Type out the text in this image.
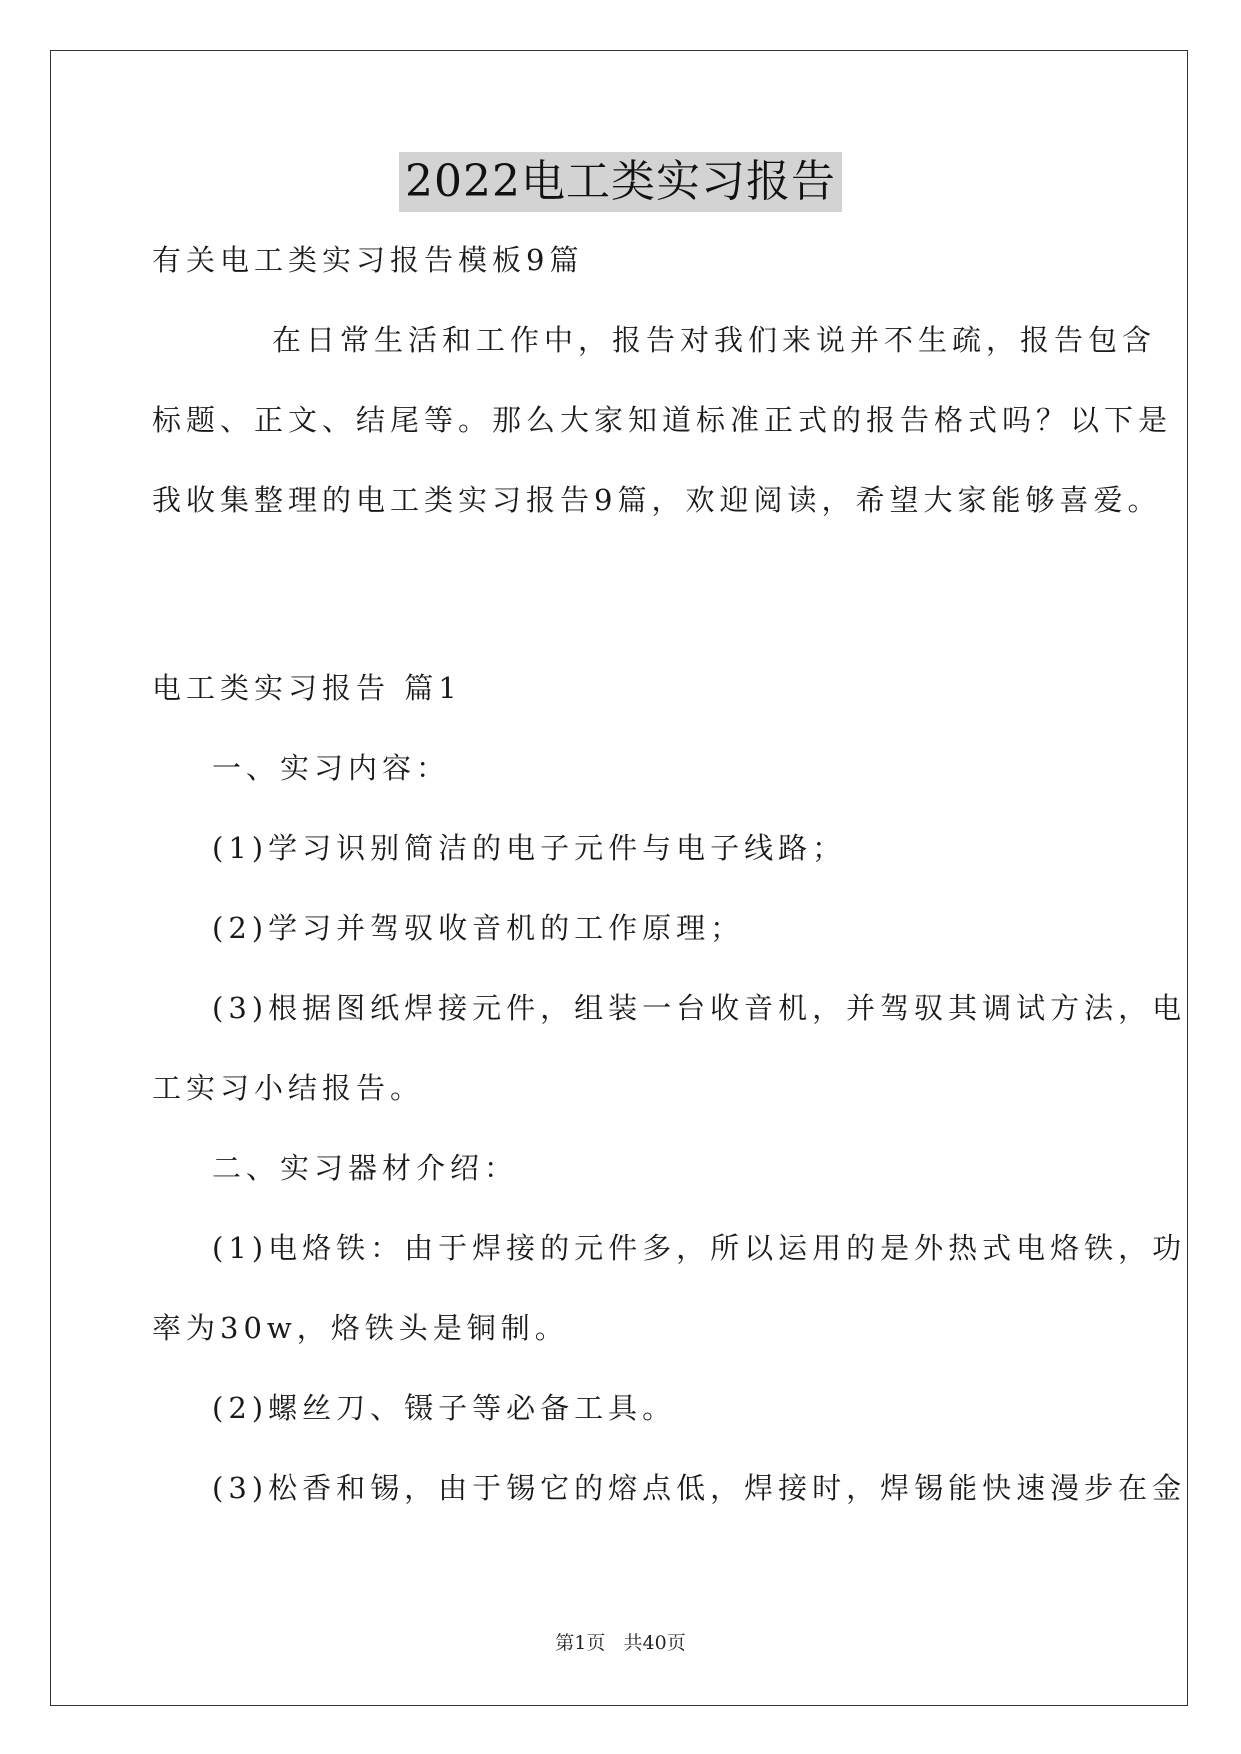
2022电工类实习报告
有关电工类实习报告模板9篇
在日常生活和工作中，报告对我们来说并不生疏，报告包含
标题、正文、结尾等。那么大家知道标准正式的报告格式吗？以下是
我收集整理的电工类实习报告9篇，欢迎阅读，希望大家能够喜爱。
电工类实习报告 篇1
一、实习内容：
(1)学习识别简洁的电子元件与电子线路；
(2)学习并驾驭收音机的工作原理；
(3)根据图纸焊接元件，组装一台收音机，并驾驭其调试方法，电
工实习小结报告。
二、实习器材介绍：
(1)电烙铁：由于焊接的元件多，所以运用的是外热式电烙铁，功
率为30w，烙铁头是铜制。
(2)螺丝刀、镊子等必备工具。
(3)松香和锡，由于锡它的熔点低，焊接时，焊锡能快速漫步在金
第1页 共40页
